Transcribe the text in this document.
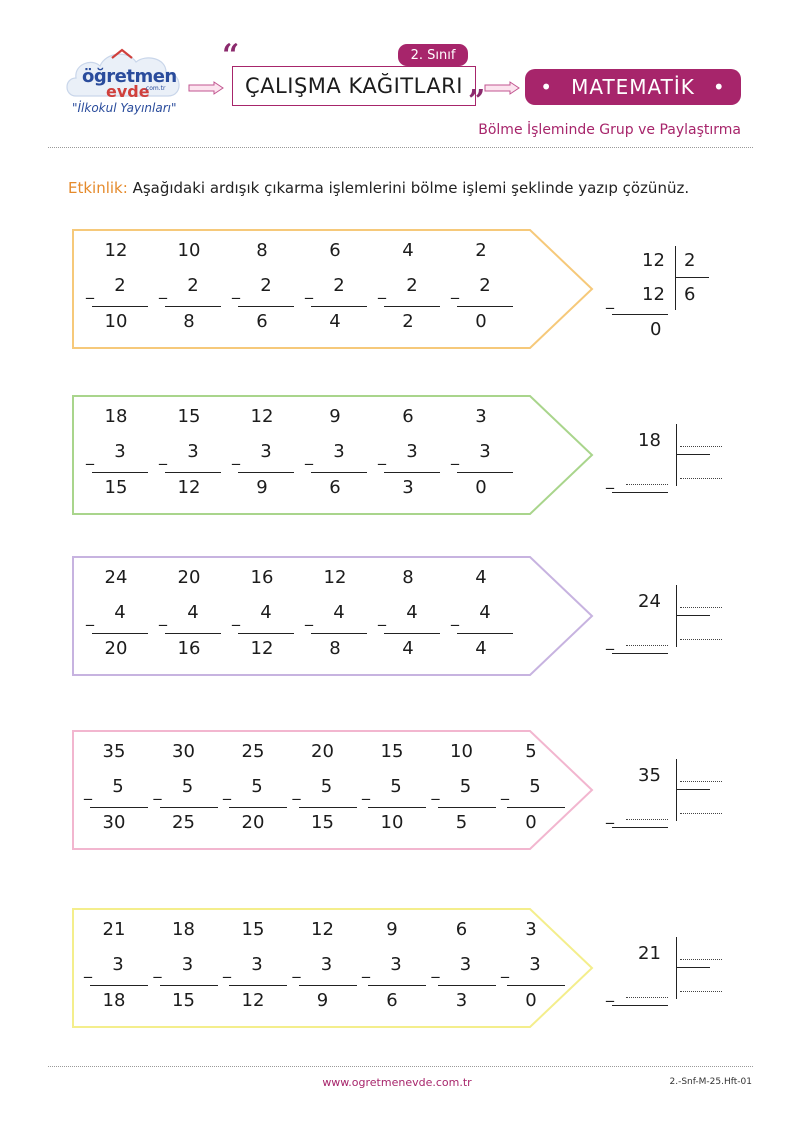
öğretmen
evde
.com.tr
"İlkokul Yayınları"
“
ÇALIŞMA KAĞITLARI ”
2. Sınıf
• MATEMATİK •
Bölme İşleminde Grup ve Paylaştırma
Etkinlik: Aşağıdaki ardışık çıkarma işlemlerini bölme işlemi şeklinde yazıp çözünüz.
12
_	2
10
10
_	2
8
8
_	2
6
6
_	2
4
4
_	2
2
2
_	2
0
12 2
_ 12 6
0
18
_	3
15
15
_	3
12
12
_	3
9
9
_	3
6
6
_	3
3
3
_	3
0
18
_
24
_	4
20
20
_	4
16
16
_	4
12
12
_	4
8
8
_	4
4
4
_	4
4
24
_
35
_	5
30
30
_	5
25
25
_	5
20
20
_	5
15
15
_	5
10
10
_	5
5
5
_	5
0
35
_
21
_	3
18
18
_	3
15
15
_	3
12
12
_	3
9
9
_	3
6
6
_	3
3
3
_	3
0
21
_
www.ogretmenevde.com.tr	2.-Snf-M-25.Hft-01
